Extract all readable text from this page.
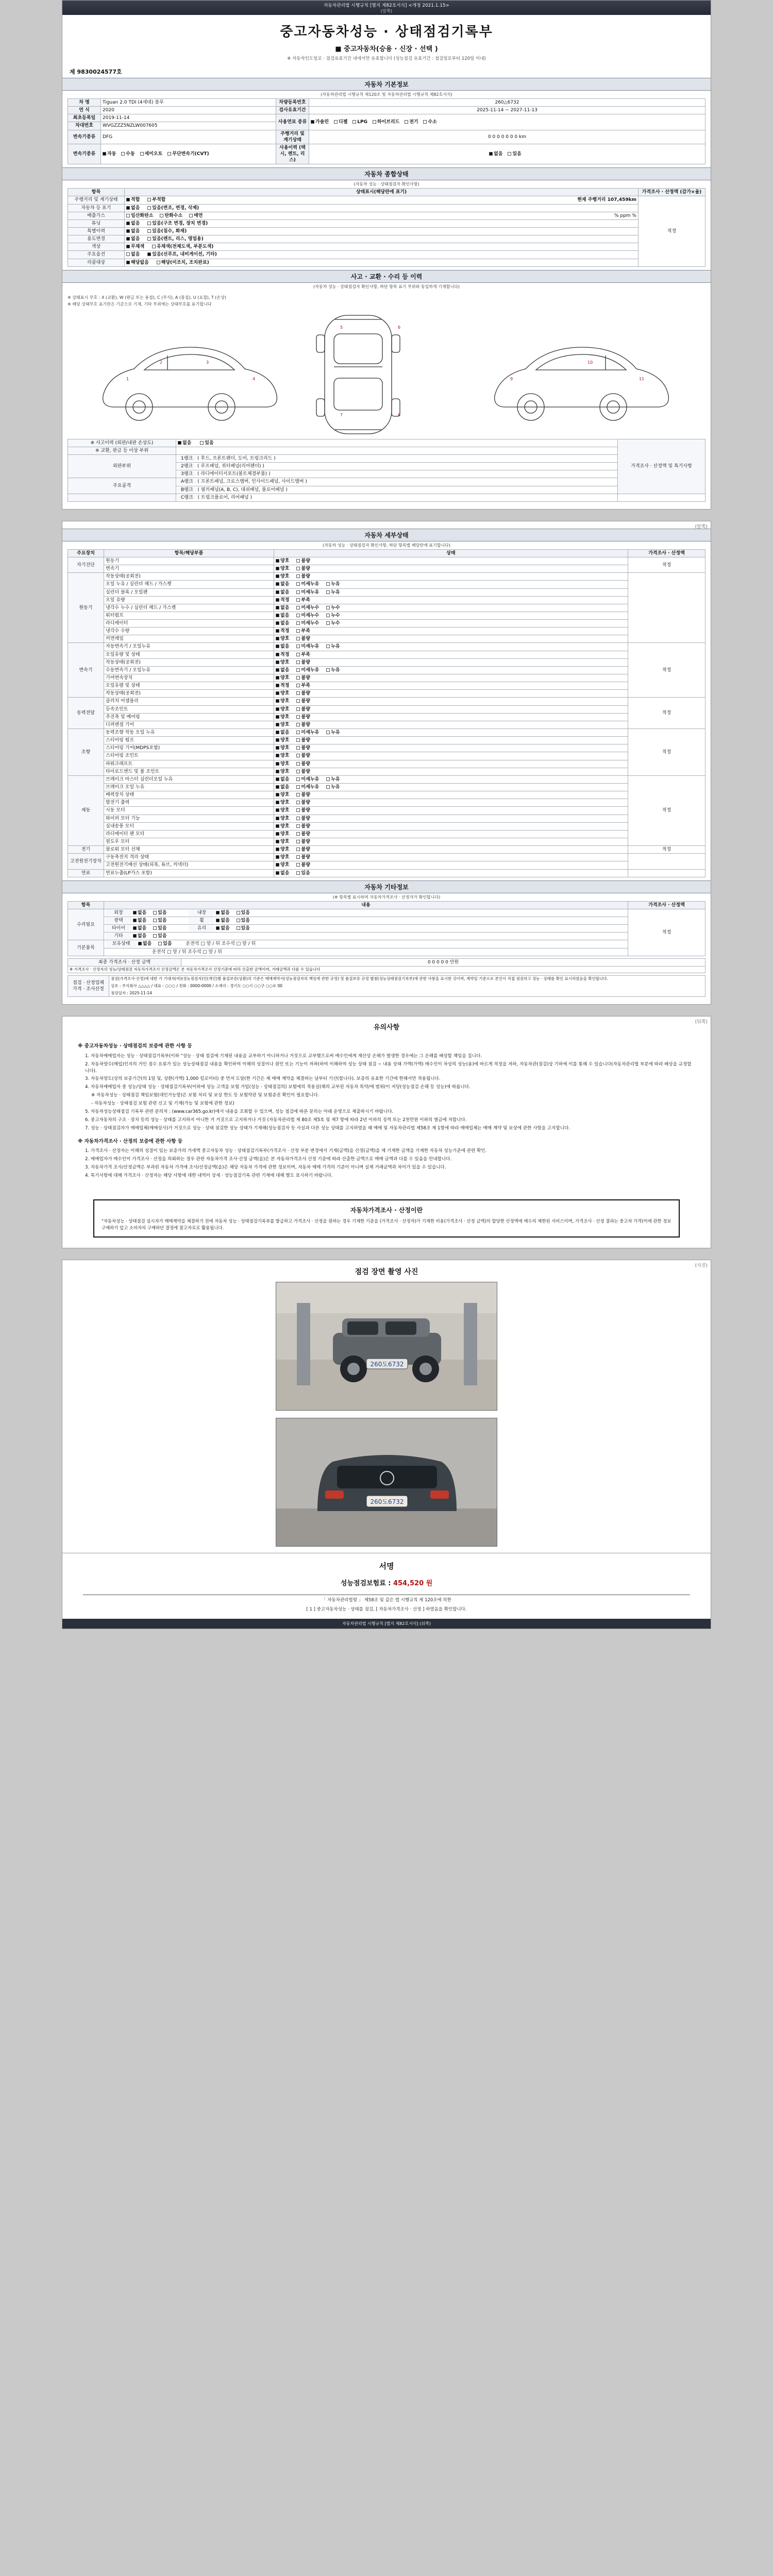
자동차관리법 시행규칙 [별지 제82호서식] <개정 2021.1.15>
(앞쪽)
중고자동차성능 · 상태점검기록부
■ 중고자동차(승용 · 신장 · 선택 )
※ 자동차인도일로 · 점검유효기간 내에서만 유효합니다 (성능점검 유효기간 : 점검일로부터 120일 이내)
제 9830024577호
자동차 기본정보
(자동차관리법 시행규칙 제120조 및 자동차관리법 시행규칙 제82호서식)
차 명	Tiguan 2.0 TDI (4세대) 블루	차량등록번호	260△6732
연 식	2020	검사유효기간	2025-11-14 ~ 2027-11-13
최초등록일	2019-11-14	사용연료 종류	가솔린 디젤 LPG 하이브리드 전기 수소
차대번호	WVGZZZ5NZLW007605		
변속기종류	DFG	주행거리 및 계기상태	0 0 0 0 0 0 0 km
변속기종류	자동 수동 세미오토 무단변속기(CVT)	사용이력 (택시, 렌트, 리스)	없음 있음
자동차 종합상태
(자동차 성능 · 상태점검자 확인사항)
항목	상태표시(해당란에 표기)	가격조사 · 산정액 (감가×율)
주행거리 및 계기상태	적합 부적합 현재 주행거리 107,459km	적정
자동차 등 표기	없음 있음(변조, 변경, 삭제)	
배출가스	일산화탄소 탄화수소 매연 % ppm %	

튜닝	없음 있음(구조 변경, 장치 변경)	
특별이력	없음 있음(침수, 화재)	
용도변경	없음 있음(렌트, 리스, 영업용)	
색상	무채색 유채색(전체도색, 부분도색)	
주요옵션	없음 있음(선루프, 내비게이션, 기타)	
리콜대상	해당없음 해당(미조치, 조치완료)	
사고 · 교환 · 수리 등 이력
(자동차 성능 · 상태점검자 확인사항, 하단 항목 표기 부위와 동일하게 기재합니다)
※ 상태표시 부호 : X (교환), W (판금 또는 용접), C (부식), A (흠집), U (요철), T (손상)
※ 해당 상태부호 표기란은 기준으로 기재, 기타 부위에는 상태부호를 표기합니다
1
2	3
4
5	6
7	8
9
10
11
※ 사고이력 (외판/내판 손상도)	없음 있음	가격조사 · 산정액 및 특기사항
※ 교환, 판금 등 이상 부위		
외판부위	1랭크 ( 후드, 프론트펜더, 도어, 트렁크리드 )	
	2랭크 ( 루프패널, 쿼터패널(리어펜더) )	
	3랭크 ( 라디에이터서포트(볼트체결부품) )	
주요골격	A랭크 ( 프론트패널, 크로스맴버, 인사이드패널, 사이드맴버 )	
	B랭크 ( 필러패널(A, B, C), 대쉬패널, 플로어패널 )	
	C랭크 ( 트렁크플로어, 리어패널 )	
(앞쪽)
자동차 세부상태
(자동차 성능 · 상태점검자 확인사항, 하단 항목별 해당란에 표기합니다)
주요장치	항목/해당부품	상태	가격조사 · 산정액
자기진단	원동기	양호 불량	적정
	변속기	양호 불량	
원동기	작동상태(공회전)	양호 불량	
	오일 누유 / 실린더 헤드 / 가스켓	없음 미세누유 누유	
	실린더 블록 / 오일팬	없음 미세누유 누유	
	오일 유량	적정 부족	
	냉각수 누수 / 실린더 헤드 / 가스켓	없음 미세누수 누수	
	워터펌프	없음 미세누수 누수	
	라디에이터	없음 미세누수 누수	
	냉각수 수량	적정 부족	
	커먼레일	양호 불량	
변속기	자동변속기 / 오일누유	없음 미세누유 누유	적정
	오일유량 및 상태	적정 부족	
	작동상태(공회전)	양호 불량	
	수동변속기 / 오일누유	없음 미세누유 누유	
	기어변속장치	양호 불량	
	오일유량 및 상태	적정 부족	
	작동상태(공회전)	양호 불량	
동력전달	클러치 어셈블리	양호 불량	적정
	등속조인트	양호 불량	
	추진축 및 베어링	양호 불량	
	디퍼렌셜 기어	양호 불량	
조향	동력조향 작동 오일 누유	없음 미세누유 누유	적정
	스티어링 펌프	양호 불량	
	스티어링 기어(MDPS포함)	양호 불량	
	스티어링 조인트	양호 불량	
	파워크래프트	양호 불량	
	타이로드엔드 및 볼 조인트	양호 불량	
제동	브레이크 마스터 실린더오일 누유	없음 미세누유 누유	적정
	브레이크 오일 누유	없음 미세누유 누유	
	배력장치 상태	양호 불량	
	발전기 출력	양호 불량	
	시동 모터	양호 불량	
	와이퍼 모터 기능	양호 불량	
	실내송풍 모터	양호 불량	
	라디에이터 팬 모터	양호 불량	
	윈도우 모터	양호 불량	
전기	블로워 모터 선체	양호 불량	적정
고전원전기장치	구동축전지 격리 상태	양호 불량	
	고전원전기배선 상태(피복, 튜브, 커넥터)	양호 불량	
연료	연료누출(LP가스 포함)	없음 있음	
자동차 기타정보
(※ 항목별 표시하며 자동차가격조사 · 산정자가 확인합니다)
항목	내용	가격조사 · 산정액
수리필요	외장 없음 있음 내장 없음 있음	적정
	광택 없음 있음 휠 없음 있음	
	타이어 없음 있음 유리 없음 있음	
	기타 없음 있음	
기본품목	보유상태 없음 있음 운전석 □ 앞 / 뒤 조수석 □ 앞 / 뒤	
	운전석 □ 앞 / 뒤 조수석 □ 앞 / 뒤	
최종 가격조사 · 산정 금액	0 0 0 0 0 만원
※ 가격조사 · 산정자의 성능/상태점검 자동차가격조사 산정금액은 본 자동차가격조사 산정기준에 따라 산출한 금액이며, 거래금액과 다를 수 있습니다
점검 · 산정업체
가격 · 조사산정

점검(가격조사·산정)에 대한 기 기대자(여)(성능점검자)인(개인)별 품질보증(상환)의 기준은 매매계약서(성능점검자의 책임에 관한 규정) 및 품질보증 규정 별첨(성능상태점검기록부)에 관한 사항을 표시한 것이며, 계약일 기준으로 본인이 직접 점검하고 성능 · 상태를 확인 표시하였음을 확인합니다.
상호 : 주식회사 △△△△ / 대표 : ○○○ / 전화 : 0000-0000 / 소재지 : 경기도 ○○시 ○○구 ○○로 00
점검일자 : 2025-11-14
(뒤쪽)
유의사항
※ 중고자동차성능 · 상태점검의 보증에 관한 사항 등

1. 자동차매매업자는 성능 · 상태점검기록부(이하 "성능 · 상태 점검에 기재된 내용을 교부하기 아니하거나 거짓으로 교부했으로써 매수인에게 재산상 손해가 발생한 경우에는 그 손해를 배상할 책임을 집니다.

2. 자동차양수(매입)인지의 거인 점수 요류가 있는 성능상태점검 내용을 확인하여 이해의 성질이나 원인 또는 기능이 저하(하여 이해하여 성능 상태 점검 ~ 내용 상태 가액(가액) 매수인이 차상의 성능(용)에 바르게 적정을 저하, 자동차관(점검)상 기하에 이를 통해 수 있습니다(자동차관리법 부분에 따라 배상을 규정합니다).

3. 자동차양도(상의 보증기간(의 1일 및, 상환(가액) 1,000 킬로미터) 중 먼저 도달(한 기간은 제 매매 계약을 체결하는 날부터 기산(합니다). 보증의 유효한 기간에 한해서만 적용됩니다.

4. 자동차매매업자 중 성능/상태 성능 · 상태점검기록부(이하에 성능 고객을 보험 가입(성능 · 상태점검의) 보험에의 적용실(해의 교부된 자동차 특약/에 범위(이 저당(성능점검 손해 등 성능)에 따릅니다.

※ 자동차성능 · 상태점검 책임보험(대인가능함)은 보험 처리 및 보상 한도 등 보험약관 및 보험증권 확인이 필요합니다.

- 자동차성능 · 상태점검 보험 관련 신고 및 기재(가능 및 보험에 관한 정보)

5. 자동차성능상태점검 기록부 관련 문의처 : (www.car365.go.kr)에서 내용을 조회할 수 있으며, 성능 점검에 따른 문의는 아래 운영으로 제출하시기 바랍니다.

6. 중고자동차의 구조 · 장치 등의 성능 · 상태를 고지하지 아니한 거 거짓으로 고지하거나 거짓 (자동차관리법 제 80조 제5호 및 제7 항에 따라 2년 이하의 징역 또는 2천만원 이하의 벌금에 처합니다.

7. 성능 · 상태점검자가 매매업체(매매상사)가 거짓으로 성능 · 상태 점검한 성능 상태가 기재해(성능점검자 등 사실과 다른 성능 상태를 고지하였을 때 매매 및 자동차관리법 제58조 제 1항에 따라 매매업체는 매매 계약 및 보상에 관한 사항을 고지합니다.

※ 자동차가격조사 · 산정의 보증에 관한 사항 등

1. 가격조사 · 산정자는 이해의 성질이 있는 보증가의 가세액 중고자동차 성능 · 상태점검기록부(가격조사 · 산정 부분 변경에서 기재(금액)을 산정(금액)을 제 기재한 금액을 기재한 자동차 성능기준에 관련 확인.

2. 매매업자가 매수인이 가격조사 · 산정을 의뢰하는 경우 관련 자동차가격 조사·산정 금액(을)은 본 자동차가격조사 산정 기준에 따라 산출한 금액으로 매매 금액과 다를 수 있음을 안내합니다.

3. 자동차가격 조사/산정금액은 부과된 자동차 가격에 조사/산정금액(을)은 해당 자동차 가격에 관한 정보이며, 자동차 매매 가격의 기준이 아니며 실제 거래금액과 차이가 있을 수 있습니다.

4. 특기사항에 대해 가격조사 · 산정자는 해당 사항에 대한 내역이 상세 · 성능점검기록 관련 기재에 대해 별도 표시하기 바랍니다.

자동차가격조사 · 산정이란
"자동차성능 · 상태점검 실시자가 매매계약을 체결하기 전에 자동차 성능 · 상태점검기록부를 발급하고 가격조사 · 산정을 원하는 경우 기재한 기준을 (가격조사 · 산정자)가 기재한 비용(가격조사 · 산정 금액)의 합당한 산정액에 매수의 제한된 서비스이며, 가격조사 · 산정 결과는 중고차 가격(이에 관한 정보 구매하기 앞고 소비자의 구매하단 결정에 참고자료로 활용됩니다.
(사진)
점검 장면 촬영 사진
260도6732
260도6732
서명
성능점검보험료 : 454,520 원
「 자동차관리법령 」 제58조 및 같은 법 시행규칙 제 120조에 의한
[ 1 ] 중고자동차성능 · 상태를 점검, [ 자동차가격조사 · 산정 ] 하였음을 확인합니다.
자동차관리법 시행규칙 [별지 제82호서식] (뒤쪽)
